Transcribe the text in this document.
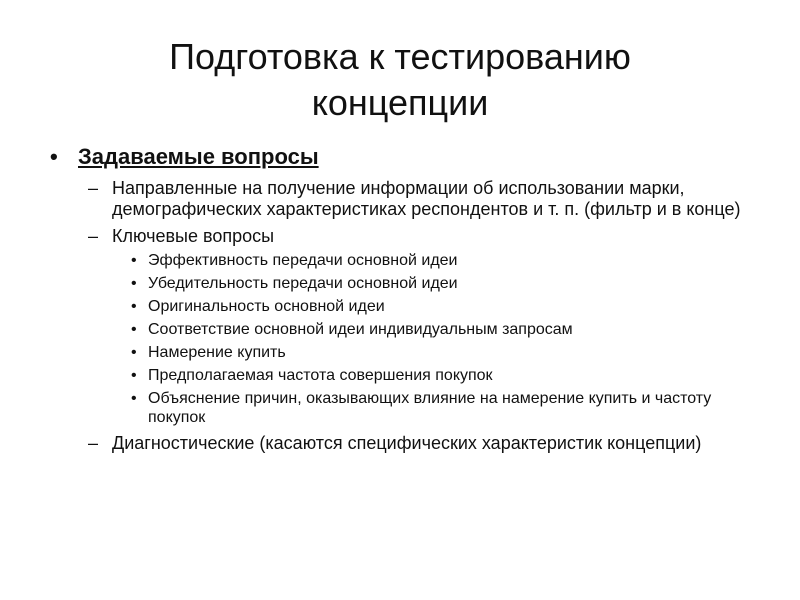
Подготовка к тестированию
концепции
• Задаваемые вопросы
– Направленные на получение информации об использовании марки, демографических характеристиках респондентов и т. п. (фильтр и в конце)
– Ключевые вопросы
• Эффективность передачи основной идеи
• Убедительность передачи основной идеи
• Оригинальность основной идеи
• Соответствие основной идеи индивидуальным запросам
• Намерение купить
• Предполагаемая частота совершения покупок
• Объяснение причин, оказывающих влияние на намерение купить и частоту покупок
– Диагностические (касаются специфических характеристик концепции)
